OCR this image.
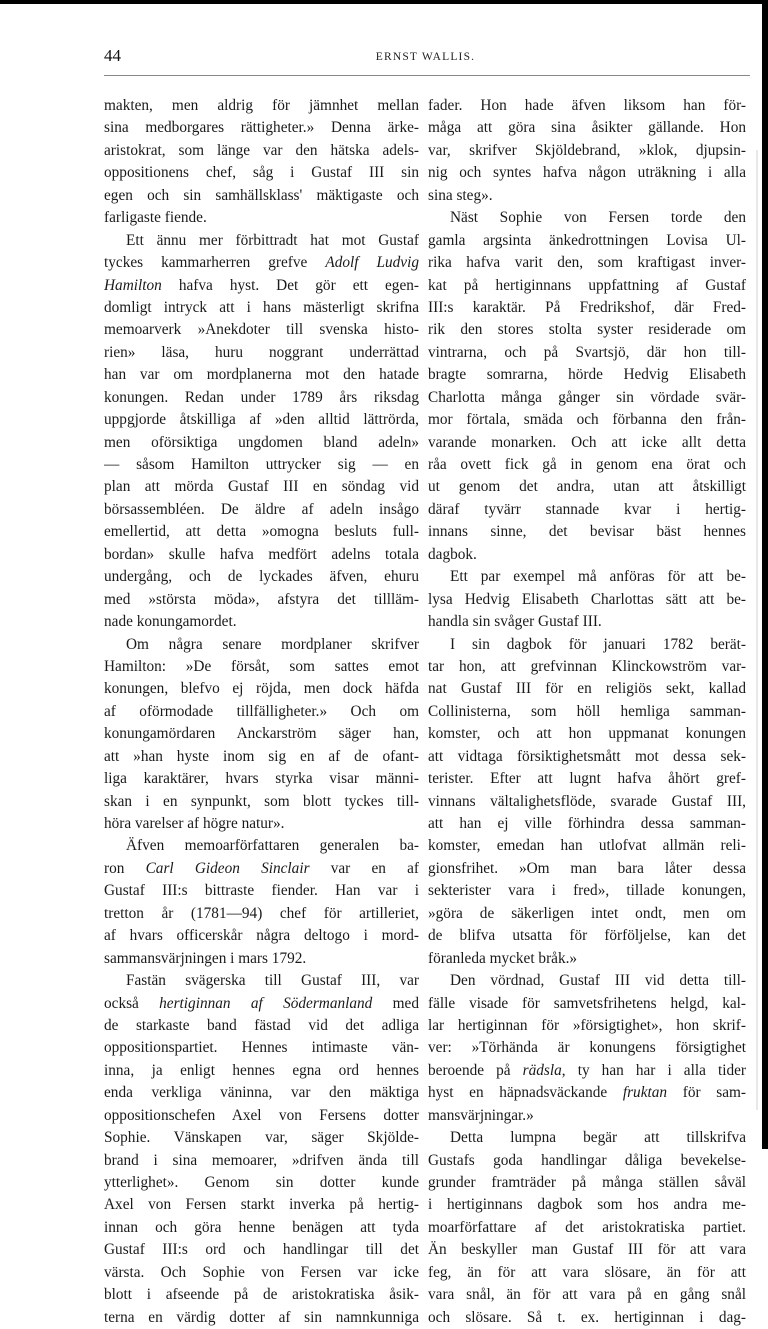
44	ERNST WALLIS.
makten, men aldrig för jämnhet mellan
sina medborgares rättigheter.» Denna ärke-
aristokrat, som länge var den hätska adels-
oppositionens chef, såg i Gustaf III sin
egen och sin samhällsklass' mäktigaste och
farligaste fiende.
Ett ännu mer förbittradt hat mot Gustaf
tyckes kammarherren grefve Adolf Ludvig
Hamilton hafva hyst. Det gör ett egen-
domligt intryck att i hans mästerligt skrifna
memoarverk »Anekdoter till svenska histo-
rien» läsa, huru noggrant underrättad
han var om mordplanerna mot den hatade
konungen. Redan under 1789 års riksdag
uppgjorde åtskilliga af »den alltid lättrörda,
men oförsiktiga ungdomen bland adeln»
— såsom Hamilton uttrycker sig — en
plan att mörda Gustaf III en söndag vid
börsassembléen. De äldre af adeln insågo
emellertid, att detta »omogna besluts full-
bordan» skulle hafva medfört adelns totala
undergång, och de lyckades äfven, ehuru
med »största möda», afstyra det tillläm-
nade konungamordet.
Om några senare mordplaner skrifver
Hamilton: »De försåt, som sattes emot
konungen, blefvo ej röjda, men dock häfda
af oförmodade tillfälligheter.» Och om
konungamördaren Anckarström säger han,
att »han hyste inom sig en af de ofant-
liga karaktärer, hvars styrka visar männi-
skan i en synpunkt, som blott tyckes till-
höra varelser af högre natur».
Äfven memoarförfattaren generalen ba-
ron Carl Gideon Sinclair var en af
Gustaf III:s bittraste fiender. Han var i
tretton år (1781—94) chef för artilleriet,
af hvars officerskår några deltogo i mord-
sammansvärjningen i mars 1792.
Fastän svägerska till Gustaf III, var
också hertiginnan af Södermanland med
de starkaste band fästad vid det adliga
oppositionspartiet. Hennes intimaste vän-
inna, ja enligt hennes egna ord hennes
enda verkliga väninna, var den mäktiga
oppositionschefen Axel von Fersens dotter
Sophie. Vänskapen var, säger Skjölde-
brand i sina memoarer, »drifven ända till
ytterlighet». Genom sin dotter kunde
Axel von Fersen starkt inverka på hertig-
innan och göra henne benägen att tyda
Gustaf III:s ord och handlingar till det
värsta. Och Sophie von Fersen var icke
blott i afseende på de aristokratiska åsik-
terna en värdig dotter af sin namnkunniga
fader. Hon hade äfven liksom han för-
måga att göra sina åsikter gällande. Hon
var, skrifver Skjöldebrand, »klok, djupsin-
nig och syntes hafva någon uträkning i alla
sina steg».
Näst Sophie von Fersen torde den
gamla argsinta änkedrottningen Lovisa Ul-
rika hafva varit den, som kraftigast inver-
kat på hertiginnans uppfattning af Gustaf
III:s karaktär. På Fredrikshof, där Fred-
rik den stores stolta syster residerade om
vintrarna, och på Svartsjö, där hon till-
bragte somrarna, hörde Hedvig Elisabeth
Charlotta många gånger sin vördade svär-
mor förtala, smäda och förbanna den från-
varande monarken. Och att icke allt detta
råa ovett fick gå in genom ena örat och
ut genom det andra, utan att åtskilligt
däraf tyvärr stannade kvar i hertig-
innans sinne, det bevisar bäst hennes
dagbok.
Ett par exempel må anföras för att be-
lysa Hedvig Elisabeth Charlottas sätt att be-
handla sin svåger Gustaf III.
I sin dagbok för januari 1782 berät-
tar hon, att grefvinnan Klinckowström var-
nat Gustaf III för en religiös sekt, kallad
Collinisterna, som höll hemliga samman-
komster, och att hon uppmanat konungen
att vidtaga försiktighetsmått mot dessa sek-
terister. Efter att lugnt hafva åhört gref-
vinnans vältalighetsflöde, svarade Gustaf III,
att han ej ville förhindra dessa samman-
komster, emedan han utlofvat allmän reli-
gionsfrihet. »Om man bara låter dessa
sekterister vara i fred», tillade konungen,
»göra de säkerligen intet ondt, men om
de blifva utsatta för förföljelse, kan det
föranleda mycket bråk.»
Den vördnad, Gustaf III vid detta till-
fälle visade för samvetsfrihetens helgd, kal-
lar hertiginnan för »försigtighet», hon skrif-
ver: »Törhända är konungens försigtighet
beroende på rädsla, ty han har i alla tider
hyst en häpnadsväckande fruktan för sam-
mansvärjningar.»
Detta lumpna begär att tillskrifva
Gustafs goda handlingar dåliga bevekelse-
grunder framträder på många ställen såväl
i hertiginnans dagbok som hos andra me-
moarförfattare af det aristokratiska partiet.
Än beskyller man Gustaf III för att vara
feg, än för att vara slösare, än för att
vara snål, än för att vara på en gång snål
och slösare. Så t. ex. hertiginnan i dag-
